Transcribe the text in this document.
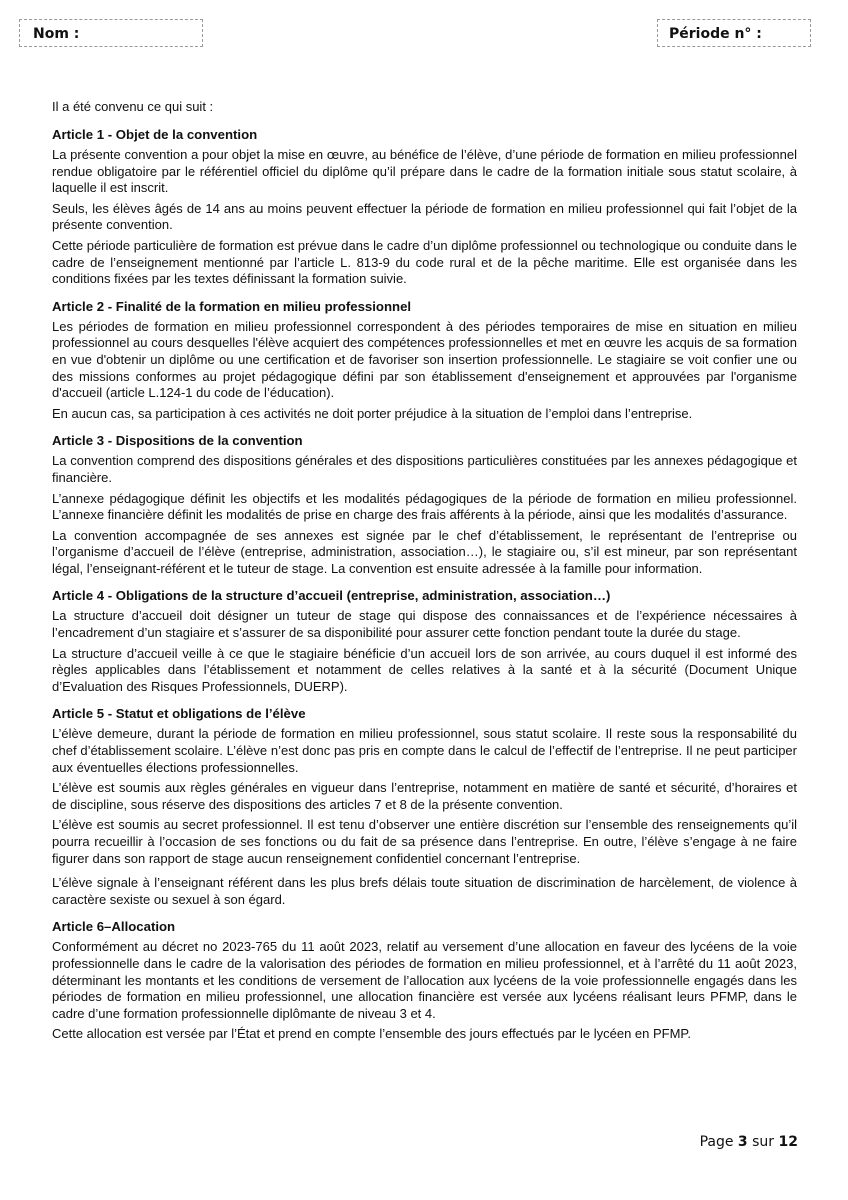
Nom :	Période n° :

Il a été convenu ce qui suit :

Article 1 - Objet de la convention

La présente convention a pour objet la mise en œuvre, au bénéfice de l’élève, d’une période de formation en milieu professionnel rendue obligatoire par le référentiel officiel du diplôme qu’il prépare dans le cadre de la formation initiale sous statut scolaire, à laquelle il est inscrit.

Seuls, les élèves âgés de 14 ans au moins peuvent effectuer la période de formation en milieu professionnel qui fait l’objet de la présente convention.

Cette période particulière de formation est prévue dans le cadre d’un diplôme professionnel ou technologique ou conduite dans le cadre de l’enseignement mentionné par l’article L. 813-9 du code rural et de la pêche maritime. Elle est organisée dans les conditions fixées par les textes définissant la formation suivie.

Article 2 - Finalité de la formation en milieu professionnel

Les périodes de formation en milieu professionnel correspondent à des périodes temporaires de mise en situation en milieu professionnel au cours desquelles l'élève acquiert des compétences professionnelles et met en œuvre les acquis de sa formation en vue d'obtenir un diplôme ou une certification et de favoriser son insertion professionnelle. Le stagiaire se voit confier une ou des missions conformes au projet pédagogique défini par son établissement d'enseignement et approuvées par l'organisme d'accueil (article L.124-1 du code de l’éducation).

En aucun cas, sa participation à ces activités ne doit porter préjudice à la situation de l’emploi dans l’entreprise.

Article 3 - Dispositions de la convention

La convention comprend des dispositions générales et des dispositions particulières constituées par les annexes pédagogique et financière.

L’annexe pédagogique définit les objectifs et les modalités pédagogiques de la période de formation en milieu professionnel. L’annexe financière définit les modalités de prise en charge des frais afférents à la période, ainsi que les modalités d’assurance.

La convention accompagnée de ses annexes est signée par le chef d’établissement, le représentant de l’entreprise ou l’organisme d’accueil de l’élève (entreprise, administration, association…), le stagiaire ou, s’il est mineur, par son représentant légal, l’enseignant-référent et le tuteur de stage. La convention est ensuite adressée à la famille pour information.

Article 4 - Obligations de la structure d’accueil (entreprise, administration, association…)

La structure d’accueil doit désigner un tuteur de stage qui dispose des connaissances et de l’expérience nécessaires à l’encadrement d’un stagiaire et s’assurer de sa disponibilité pour assurer cette fonction pendant toute la durée du stage.

La structure d’accueil veille à ce que le stagiaire bénéficie d’un accueil lors de son arrivée, au cours duquel il est informé des règles applicables dans l’établissement et notamment de celles relatives à la santé et à la sécurité (Document Unique d’Evaluation des Risques Professionnels, DUERP).

Article 5 - Statut et obligations de l’élève

L’élève demeure, durant la période de formation en milieu professionnel, sous statut scolaire. Il reste sous la responsabilité du chef d’établissement scolaire. L’élève n’est donc pas pris en compte dans le calcul de l’effectif de l’entreprise. Il ne peut participer aux éventuelles élections professionnelles.

L’élève est soumis aux règles générales en vigueur dans l’entreprise, notamment en matière de santé et sécurité, d’horaires et de discipline, sous réserve des dispositions des articles 7 et 8 de la présente convention.

L’élève est soumis au secret professionnel. Il est tenu d’observer une entière discrétion sur l’ensemble des renseignements qu’il pourra recueillir à l’occasion de ses fonctions ou du fait de sa présence dans l’entreprise. En outre, l’élève s’engage à ne faire figurer dans son rapport de stage aucun renseignement confidentiel concernant l’entreprise.

L’élève signale à l’enseignant référent dans les plus brefs délais toute situation de discrimination de harcèlement, de violence à caractère sexiste ou sexuel à son égard.

Article 6–Allocation

Conformément au décret no 2023-765 du 11 août 2023, relatif au versement d’une allocation en faveur des lycéens de la voie professionnelle dans le cadre de la valorisation des périodes de formation en milieu professionnel, et à l’arrêté du 11 août 2023, déterminant les montants et les conditions de versement de l’allocation aux lycéens de la voie professionnelle engagés dans les périodes de formation en milieu professionnel, une allocation financière est versée aux lycéens réalisant leurs PFMP, dans le cadre d’une formation professionnelle diplômante de niveau 3 et 4.

Cette allocation est versée par l’État et prend en compte l’ensemble des jours effectués par le lycéen en PFMP.

Page 3 sur 12
